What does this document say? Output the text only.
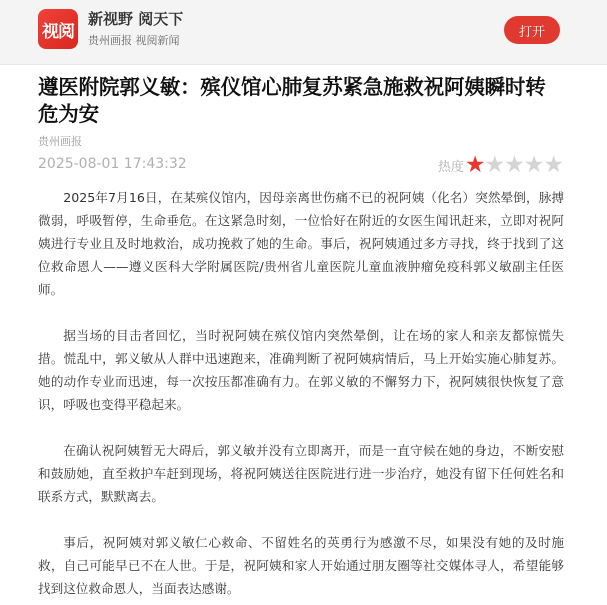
视阅
新视野 阅天下
贵州画报 视阅新闻
打开
遵医附院郭义敏：殡仪馆心肺复苏紧急施救祝阿姨瞬时转危为安
贵州画报
2025-08-01 17:43:32	热度 ★ ★ ★ ★ ★

2025年7月16日，在某殡仪馆内，因母亲离世伤痛不已的祝阿姨（化名）突然晕倒，脉搏微弱，呼吸暂停，生命垂危。在这紧急时刻，一位恰好在附近的女医生闻讯赶来，立即对祝阿姨进行专业且及时地救治，成功挽救了她的生命。事后，祝阿姨通过多方寻找，终于找到了这位救命恩人——遵义医科大学附属医院/贵州省儿童医院儿童血液肿瘤免疫科郭义敏副主任医师。

据当场的目击者回忆，当时祝阿姨在殡仪馆内突然晕倒，让在场的家人和亲友都惊慌失措。慌乱中，郭义敏从人群中迅速跑来，准确判断了祝阿姨病情后，马上开始实施心肺复苏。她的动作专业而迅速，每一次按压都准确有力。在郭义敏的不懈努力下，祝阿姨很快恢复了意识，呼吸也变得平稳起来。

在确认祝阿姨暂无大碍后，郭义敏并没有立即离开，而是一直守候在她的身边，不断安慰和鼓励她，直至救护车赶到现场，将祝阿姨送往医院进行进一步治疗，她没有留下任何姓名和联系方式，默默离去。

事后，祝阿姨对郭义敏仁心救命、不留姓名的英勇行为感激不尽，如果没有她的及时施救，自己可能早已不在人世。于是，祝阿姨和家人开始通过朋友圈等社交媒体寻人，希望能够找到这位救命恩人，当面表达感谢。
